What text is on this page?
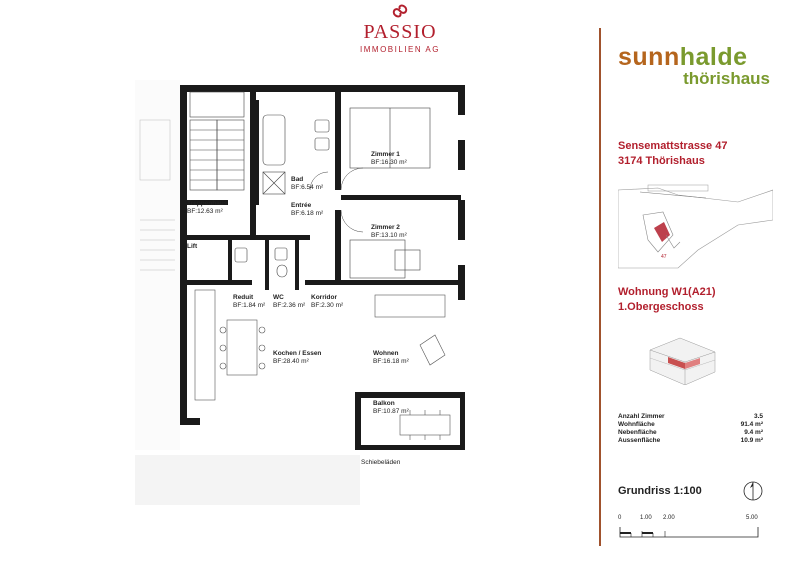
PASSIO
IMMOBILIEN AG	sunnhalde
thörishaus
Sensemattstrasse 47
3174 Thörishaus
47
Wohnung W1(A21)
1.Obergeschoss
Anzahl Zimmer	3.5
Wohnfläche	91.4 m²
Nebenfläche	9.4 m²
Aussenfläche	10.9 m²
Grundriss 1:100
0	1.00 2.00	5.00
Zimmer 1
BF:16.30 m²
Zimmer 2
BF:13.10 m²
Bad
BF:6.54 m²
Entrée
BF:6.18 m²
Treppenhaus
BF:12.63 m²
Lift
Reduit
BF:1.84 m²
WC
BF:2.36 m²
Korridor
BF:2.30 m²
Kochen / Essen
BF:28.40 m²
Wohnen
BF:16.18 m²
Balkon
BF:10.87 m²
Schiebeläden
